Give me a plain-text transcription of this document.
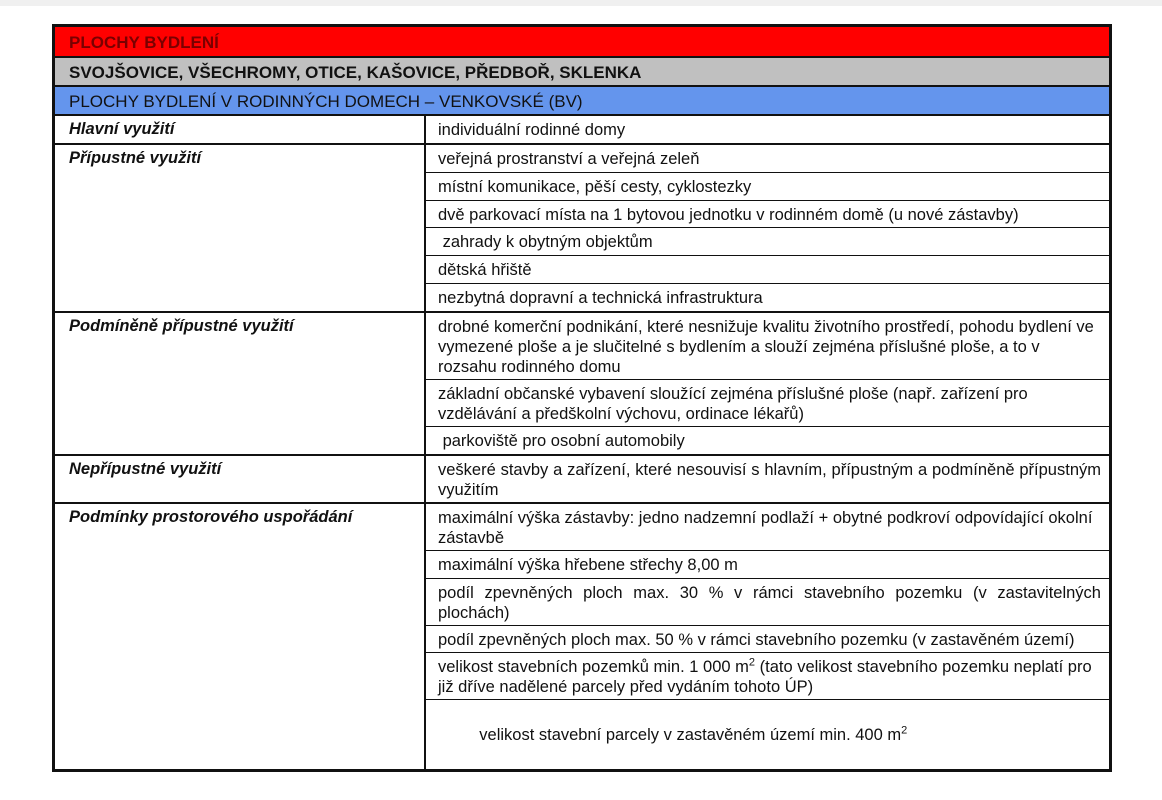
PLOCHY BYDLENÍ
SVOJŠOVICE, VŠECHROMY, OTICE, KAŠOVICE, PŘEDBOŘ, SKLENKA
PLOCHY BYDLENÍ V RODINNÝCH DOMECH – VENKOVSKÉ (BV)
Hlavní využití	individuální rodinné domy
Přípustné využití	veřejná prostranství a veřejná zeleň
místní komunikace, pěší cesty, cyklostezky
dvě parkovací místa na 1 bytovou jednotku v rodinném domě (u nové zástavby)
zahrady k obytným objektům
dětská hřiště
nezbytná dopravní a technická infrastruktura
Podmíněně přípustné využití	drobné komerční podnikání, které nesnižuje kvalitu životního prostředí, pohodu bydlení ve vymezené ploše a je slučitelné s bydlením a slouží zejména příslušné ploše, a to v rozsahu rodinného domu
základní občanské vybavení sloužící zejména příslušné ploše (např. zařízení pro vzdělávání a předškolní výchovu, ordinace lékařů)
parkoviště pro osobní automobily
Nepřípustné využití	veškeré stavby a zařízení, které nesouvisí s hlavním, přípustným a podmíněně přípustným využitím
Podmínky prostorového uspořádání	maximální výška zástavby: jedno nadzemní podlaží + obytné podkroví odpovídající okolní zástavbě
maximální výška hřebene střechy 8,00 m
podíl zpevněných ploch max. 30 % v rámci stavebního pozemku (v zastavitelných plochách)
podíl zpevněných ploch max. 50 % v rámci stavebního pozemku (v zastavěném území)
velikost stavebních pozemků min. 1 000 $m^2$ (tato velikost stavebního pozemku neplatí pro již dříve nadělené parcely před vydáním tohoto ÚP)

velikost stavební parcely v zastavěném území min. 400 $m^2$
